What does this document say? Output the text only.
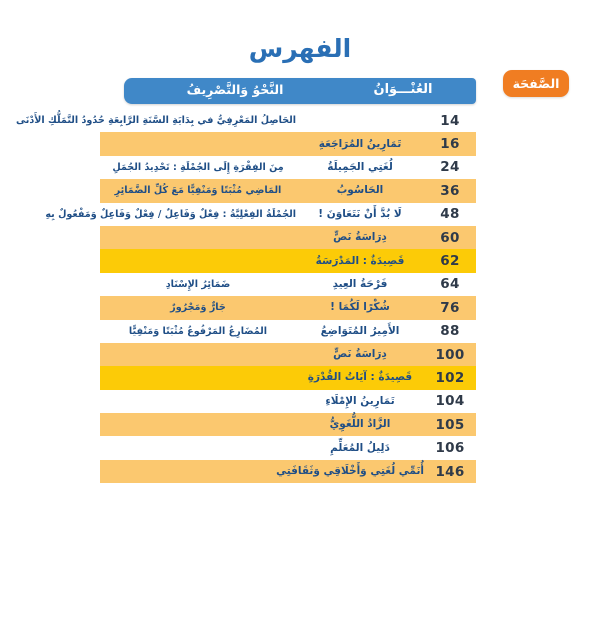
الفهرس
النَّحْوُ وَالتَّصْرِيفُ	العُنْـــوَانُ	الصَّفحَة
14
الحَاصِلُ المَعْرِفِيُّ في بِدَايَةِ السَّنَةِ الرَّابِعَةِ حُدُودُ التَّمَلُّكِ الأَدْنَى
16
تَمَارِينُ المُرَاجَعَةِ
24
لُغَتِي الجَمِيلَةُ
مِنَ الفِقْرَةِ إِلَى الجُمْلَةِ : تَحْدِيدُ الجُمَلِ
36
الحَاسُوبُ
المَاضِي مُثْبَتًا وَمَنْفِيًّا مَعَ كُلِّ الضَّمَائِرِ
48
لَا بُدَّ أَنْ نَتَعَاوَنَ !
الجُمْلَةُ الفِعْلِيَّةُ : فِعْلٌ وَفَاعِلٌ / فِعْلٌ وَفَاعِلٌ وَمَفْعُولٌ بِهِ
60
دِرَاسَةُ نَصٍّ
62
قَصِيدَةٌ : المَدْرَسَةُ
64
فَرْحَةُ العِيدِ
ضَمَائِرُ الإِسْنَادِ
76
شُكْرًا لَكُمَا !
جَارٌّ وَمَجْرُورٌ
88
الأَمِيرُ المُتَوَاضِعُ
المُضَارِعُ المَرْفُوعُ مُثْبَتًا وَمَنْفِيًّا
100
دِرَاسَةُ نَصٍّ
102
قَصِيدَةٌ : آيَاتُ القُدْرَةِ
104
تَمَارِينُ الإِمْلَاءِ
105
الزَّادُ اللُّغَوِيُّ
106
دَلِيلُ المُعَلِّمِ
146
أُنَمِّي لُغَتِي وَأَخْلَاقِي وَثَقَافَتِي
